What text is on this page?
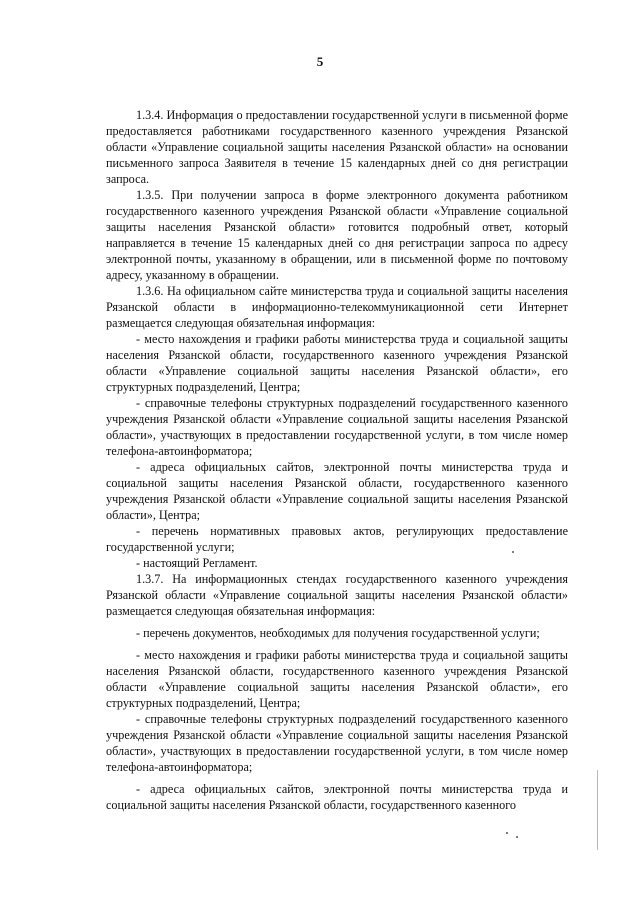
5

1.3.4. Информация о предоставлении государственной услуги в письменной форме предоставляется работниками государственного казенного учреждения Рязанской области «Управление социальной защиты населения Рязанской области» на основании письменного запроса Заявителя в течение 15 календарных дней со дня регистрации запроса.

1.3.5. При получении запроса в форме электронного документа работником государственного казенного учреждения Рязанской области «Управление социальной защиты населения Рязанской области» готовится подробный ответ, который направляется в течение 15 календарных дней со дня регистрации запроса по адресу электронной почты, указанному в обращении, или в письменной форме по почтовому адресу, указанному в обращении.

1.3.6. На официальном сайте министерства труда и социальной защиты населения Рязанской области в информационно-телекоммуникационной сети Интернет размещается следующая обязательная информация:

- место нахождения и графики работы министерства труда и социальной защиты населения Рязанской области, государственного казенного учреждения Рязанской области «Управление социальной защиты населения Рязанской области», его структурных подразделений, Центра;

- справочные телефоны структурных подразделений государственного казенного учреждения Рязанской области «Управление социальной защиты населения Рязанской области», участвующих в предоставлении государственной услуги, в том числе номер телефона-автоинформатора;

- адреса официальных сайтов, электронной почты министерства труда и социальной защиты населения Рязанской области, государственного казенного учреждения Рязанской области «Управление социальной защиты населения Рязанской области», Центра;

- перечень нормативных правовых актов, регулирующих предоставление государственной услуги;

- настоящий Регламент.

1.3.7. На информационных стендах государственного казенного учреждения Рязанской области «Управление социальной защиты населения Рязанской области» размещается следующая обязательная информация:

- перечень документов, необходимых для получения государственной услуги;

- место нахождения и графики работы министерства труда и социальной защиты населения Рязанской области, государственного казенного учреждения Рязанской области «Управление социальной защиты населения Рязанской области», его структурных подразделений, Центра;

- справочные телефоны структурных подразделений государственного казенного учреждения Рязанской области «Управление социальной защиты населения Рязанской области», участвующих в предоставлении государственной услуги, в том числе номер телефона-автоинформатора;

- адреса официальных сайтов, электронной почты министерства труда и социальной защиты населения Рязанской области, государственного казенного
